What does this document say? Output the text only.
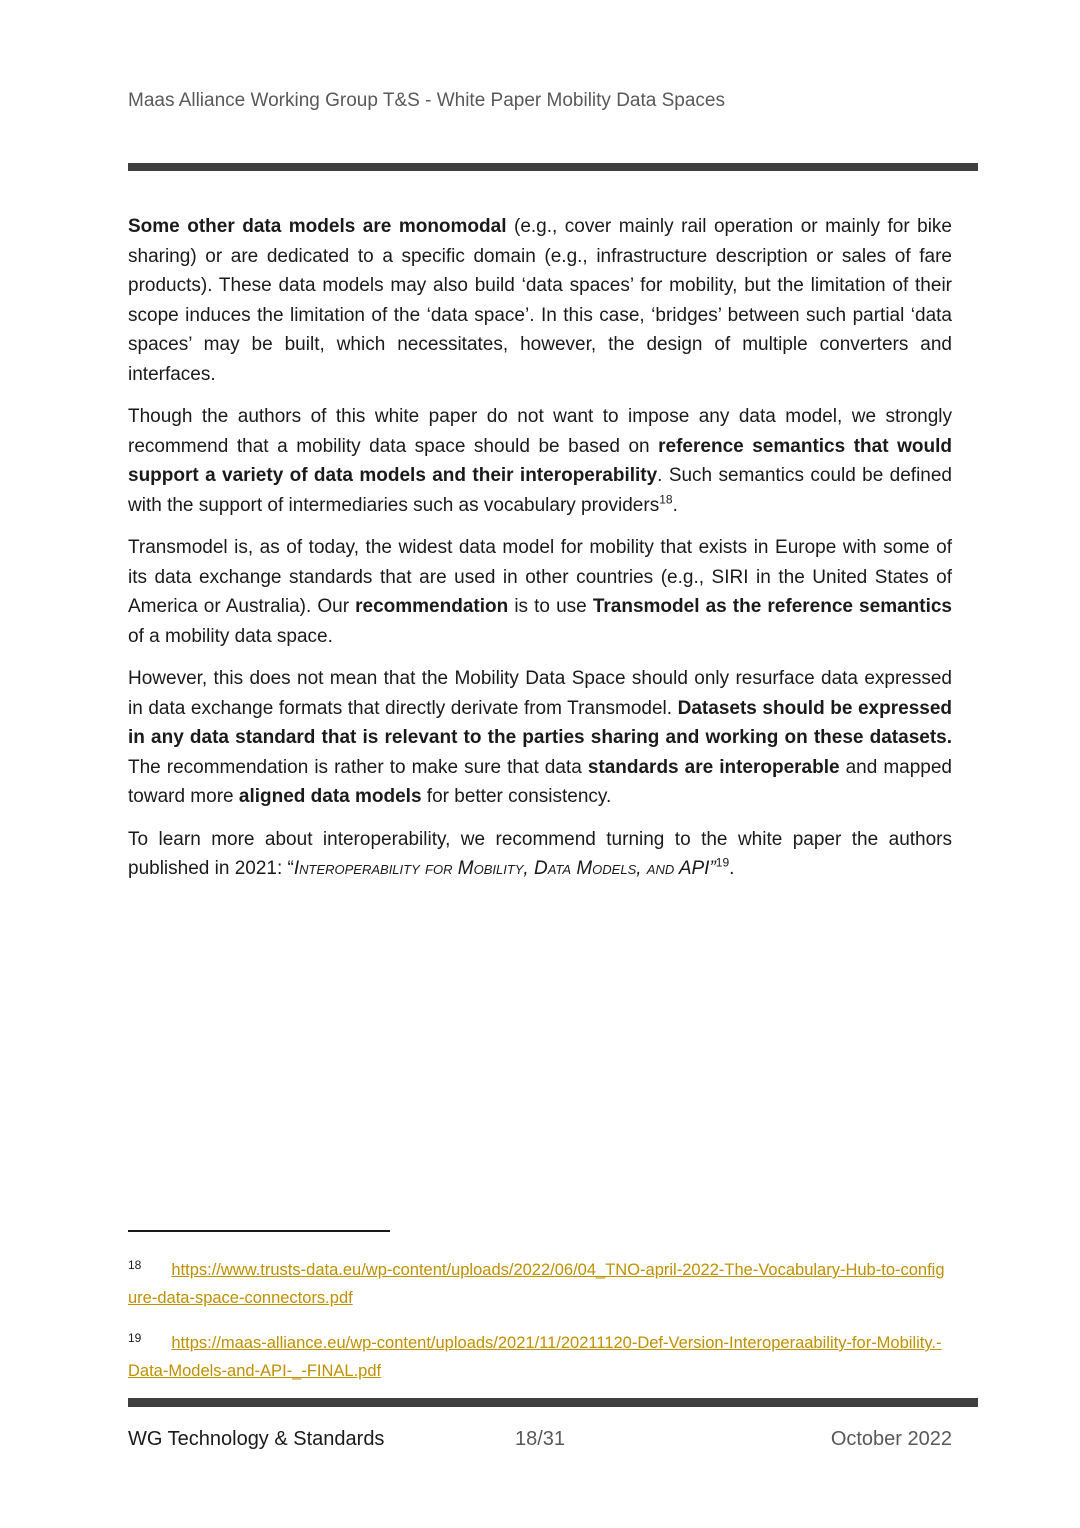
Maas Alliance Working Group T&S - White Paper Mobility Data Spaces

Some other data models are monomodal (e.g., cover mainly rail operation or mainly for bike sharing) or are dedicated to a specific domain (e.g., infrastructure description or sales of fare products). These data models may also build ‘data spaces’ for mobility, but the limitation of their scope induces the limitation of the ‘data space’. In this case, ‘bridges’ between such partial ‘data spaces’ may be built, which necessitates, however, the design of multiple converters and interfaces.

Though the authors of this white paper do not want to impose any data model, we strongly recommend that a mobility data space should be based on reference semantics that would support a variety of data models and their interoperability. Such semantics could be defined with the support of intermediaries such as vocabulary providers$^{18}$.

Transmodel is, as of today, the widest data model for mobility that exists in Europe with some of its data exchange standards that are used in other countries (e.g., SIRI in the United States of America or Australia). Our recommendation is to use Transmodel as the reference semantics of a mobility data space.

However, this does not mean that the Mobility Data Space should only resurface data expressed in data exchange formats that directly derivate from Transmodel. Datasets should be expressed in any data standard that is relevant to the parties sharing and working on these datasets. The recommendation is rather to make sure that data standards are interoperable and mapped toward more aligned data models for better consistency.

To learn more about interoperability, we recommend turning to the white paper the authors published in 2021: “Interoperability for Mobility, Data Models, and API”$^{19}$.

$^{18}$ https://www.trusts-data.eu/wp-content/uploads/2022/06/04_TNO-april-2022-The-Vocabulary-Hub-to-configure-data-space-connectors.pdf

$^{19}$ https://maas-alliance.eu/wp-content/uploads/2021/11/20211120-Def-Version-Interoperaability-for-Mobility.-Data-Models-and-API-_-FINAL.pdf

WG Technology & Standards	18/31	October 2022
